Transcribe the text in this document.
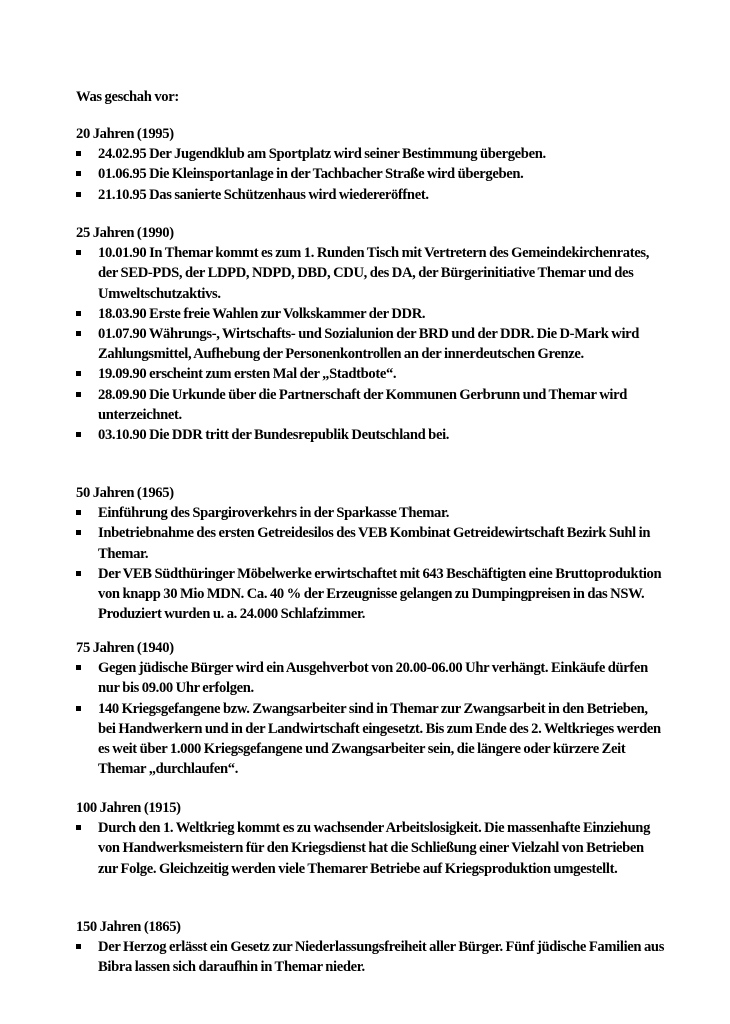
Was geschah vor:

20 Jahren (1995)

24.02.95 Der Jugendklub am Sportplatz wird seiner Bestimmung übergeben.
01.06.95 Die Kleinsportanlage in der Tachbacher Straße wird übergeben.
21.10.95 Das sanierte Schützenhaus wird wiedereröffnet.

25 Jahren (1990)

10.01.90 In Themar kommt es zum 1. Runden Tisch mit Vertretern des Gemeindekirchenrates, der SED-PDS, der LDPD, NDPD, DBD, CDU, des DA, der Bürgerinitiative Themar und des Umweltschutzaktivs.
18.03.90 Erste freie Wahlen zur Volkskammer der DDR.
01.07.90 Währungs-, Wirtschafts- und Sozialunion der BRD und der DDR. Die D-Mark wird Zahlungsmittel, Aufhebung der Personenkontrollen an der innerdeutschen Grenze.
19.09.90 erscheint zum ersten Mal der „Stadtbote“.
28.09.90 Die Urkunde über die Partnerschaft der Kommunen Gerbrunn und Themar wird unterzeichnet.
03.10.90 Die DDR tritt der Bundesrepublik Deutschland bei.

50 Jahren (1965)

Einführung des Spargiroverkehrs in der Sparkasse Themar.
Inbetriebnahme des ersten Getreidesilos des VEB Kombinat Getreidewirtschaft Bezirk Suhl in Themar.
Der VEB Südthüringer Möbelwerke erwirtschaftet mit 643 Beschäftigten eine Bruttoproduktion von knapp 30 Mio MDN. Ca. 40 % der Erzeugnisse gelangen zu Dumpingpreisen in das NSW. Produziert wurden u. a. 24.000 Schlafzimmer.

75 Jahren (1940)

Gegen jüdische Bürger wird ein Ausgehverbot von 20.00-06.00 Uhr verhängt. Einkäufe dürfen nur bis 09.00 Uhr erfolgen.
140 Kriegsgefangene bzw. Zwangsarbeiter sind in Themar zur Zwangsarbeit in den Betrieben, bei Handwerkern und in der Landwirtschaft eingesetzt. Bis zum Ende des 2. Weltkrieges werden es weit über 1.000 Kriegsgefangene und Zwangsarbeiter sein, die längere oder kürzere Zeit Themar „durchlaufen“.

100 Jahren (1915)

Durch den 1. Weltkrieg kommt es zu wachsender Arbeitslosigkeit. Die massenhafte Einziehung von Handwerksmeistern für den Kriegsdienst hat die Schließung einer Vielzahl von Betrieben zur Folge. Gleichzeitig werden viele Themarer Betriebe auf Kriegsproduktion umgestellt.

150 Jahren (1865)

Der Herzog erlässt ein Gesetz zur Niederlassungsfreiheit aller Bürger. Fünf jüdische Familien aus Bibra lassen sich daraufhin in Themar nieder.
